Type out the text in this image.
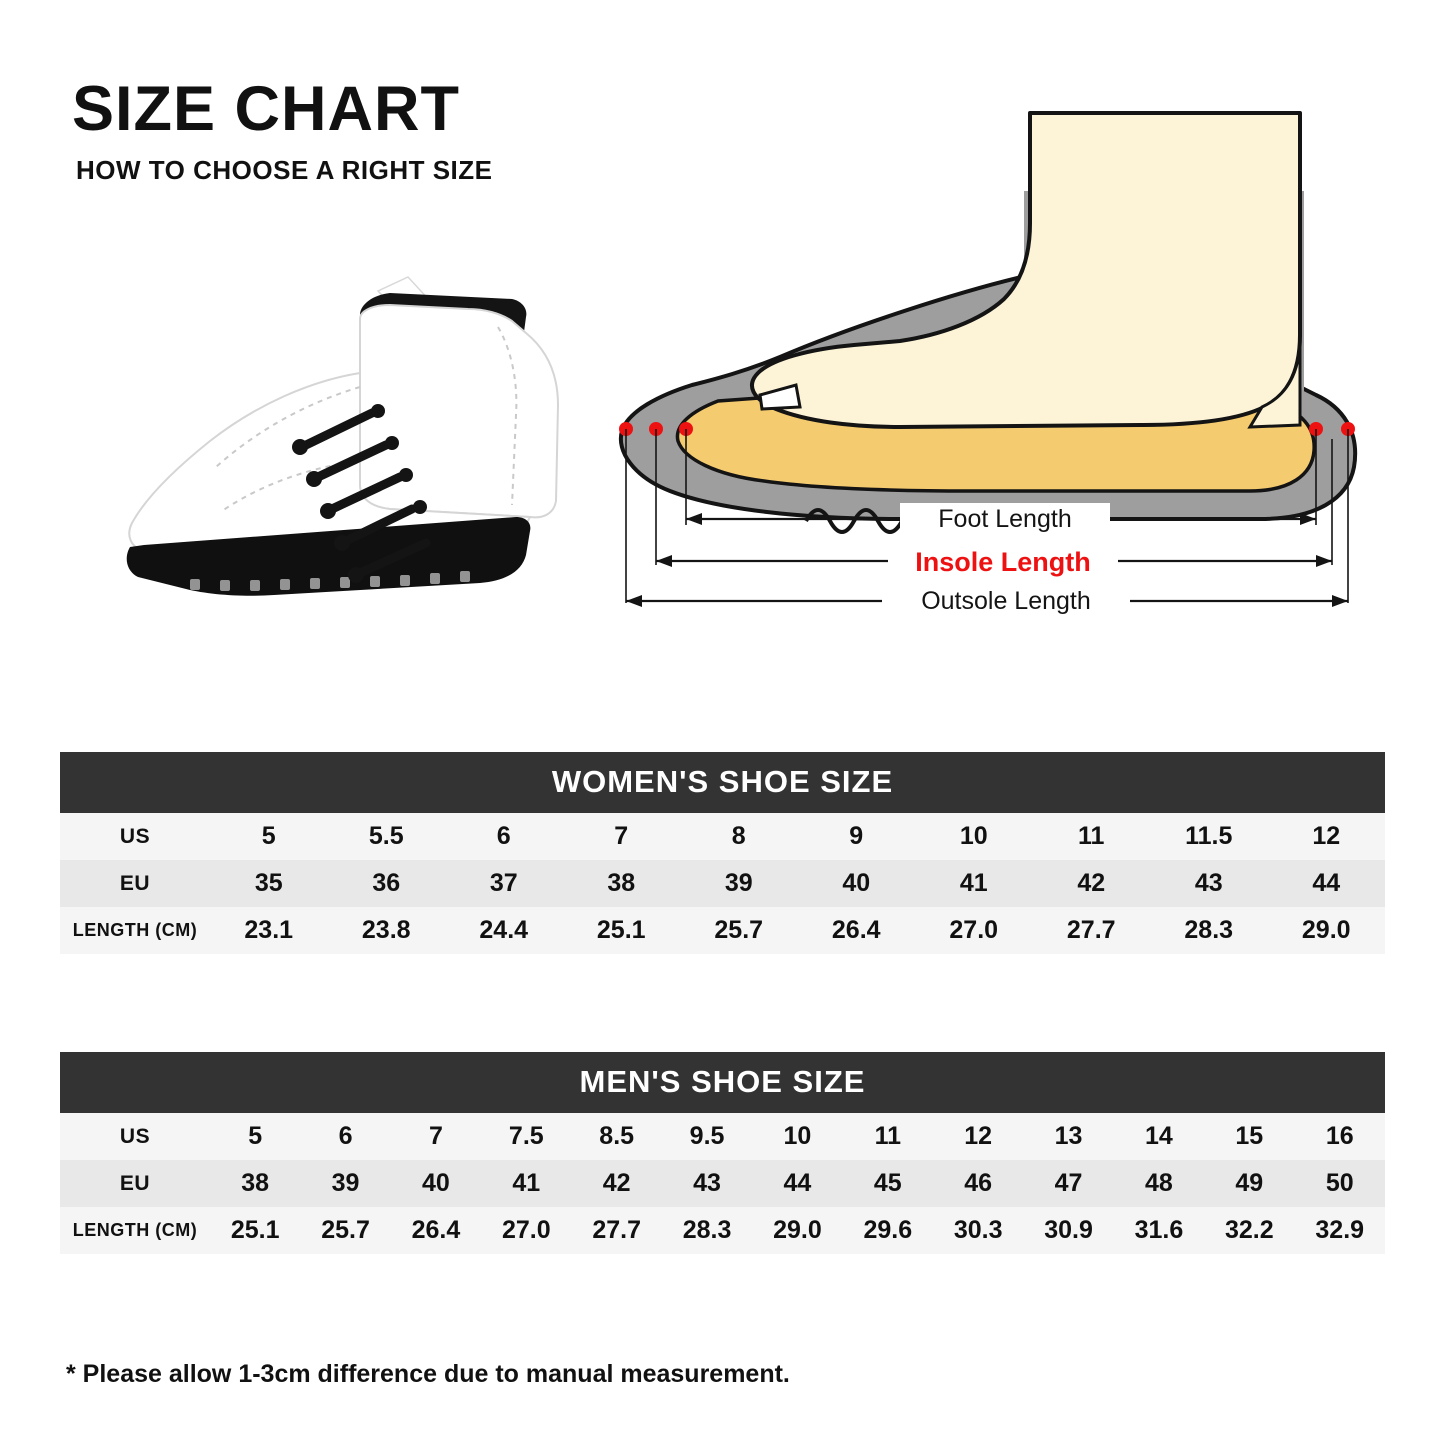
SIZE CHART
HOW TO CHOOSE A RIGHT SIZE
Foot Length
Insole Length
Outsole Length
WOMEN'S SHOE SIZE
US	5	5.5	6	7	8	9	10	11	11.5	12
EU	35	36	37	38	39	40	41	42	43	44
LENGTH (CM)	23.1	23.8	24.4	25.1	25.7	26.4	27.0	27.7	28.3	29.0
MEN'S SHOE SIZE
US	5	6	7	7.5	8.5	9.5	10	11	12	13	14	15	16
EU	38	39	40	41	42	43	44	45	46	47	48	49	50
LENGTH (CM)	25.1	25.7	26.4	27.0	27.7	28.3	29.0	29.6	30.3	30.9	31.6	32.2	32.9
* Please allow 1-3cm difference due to manual measurement.
